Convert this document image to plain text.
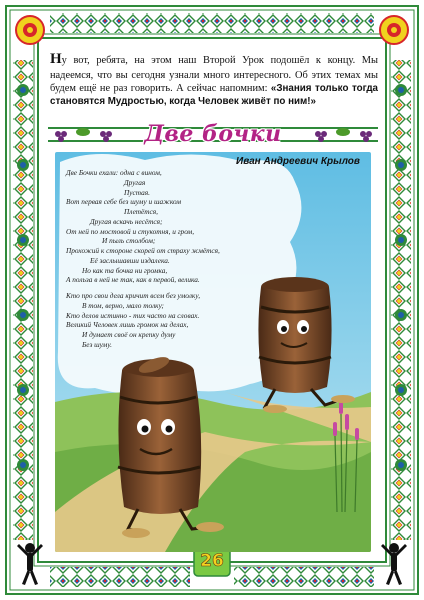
Ну вот, ребята, на этом наш Второй Урок подошёл к концу. Мы надеемся, что вы сегодня узнали много интересного. Об этих темах мы будем ещё не раз говорить. А сейчас напомним: «Знания только тогда становятся Мудростью, когда Человек живёт по ним!»
Две бочки
Иван Андреевич Крылов
Две Бочки ехали: одна с вином,
Другая
Пустая.
Вот первая себе без шуму и шажком
Плетётся,
Другая вскачь несётся;
От ней по мостовой и стукотня, и гром,
И пыль столбом;
Прохожий к стороне скорей от страху жмётся,
Её заслышавши издалека.
Но как та бочка ни громка,
А польза в ней не так, как в первой, велика.
Кто про свои дела кричит всем без умолку,
В том, верно, мало толку;
Кто делов истинно - тих часто на словах.
Великий Человек лишь громок на делах,
И думает своё он крепку думу
Без шуму.
26
